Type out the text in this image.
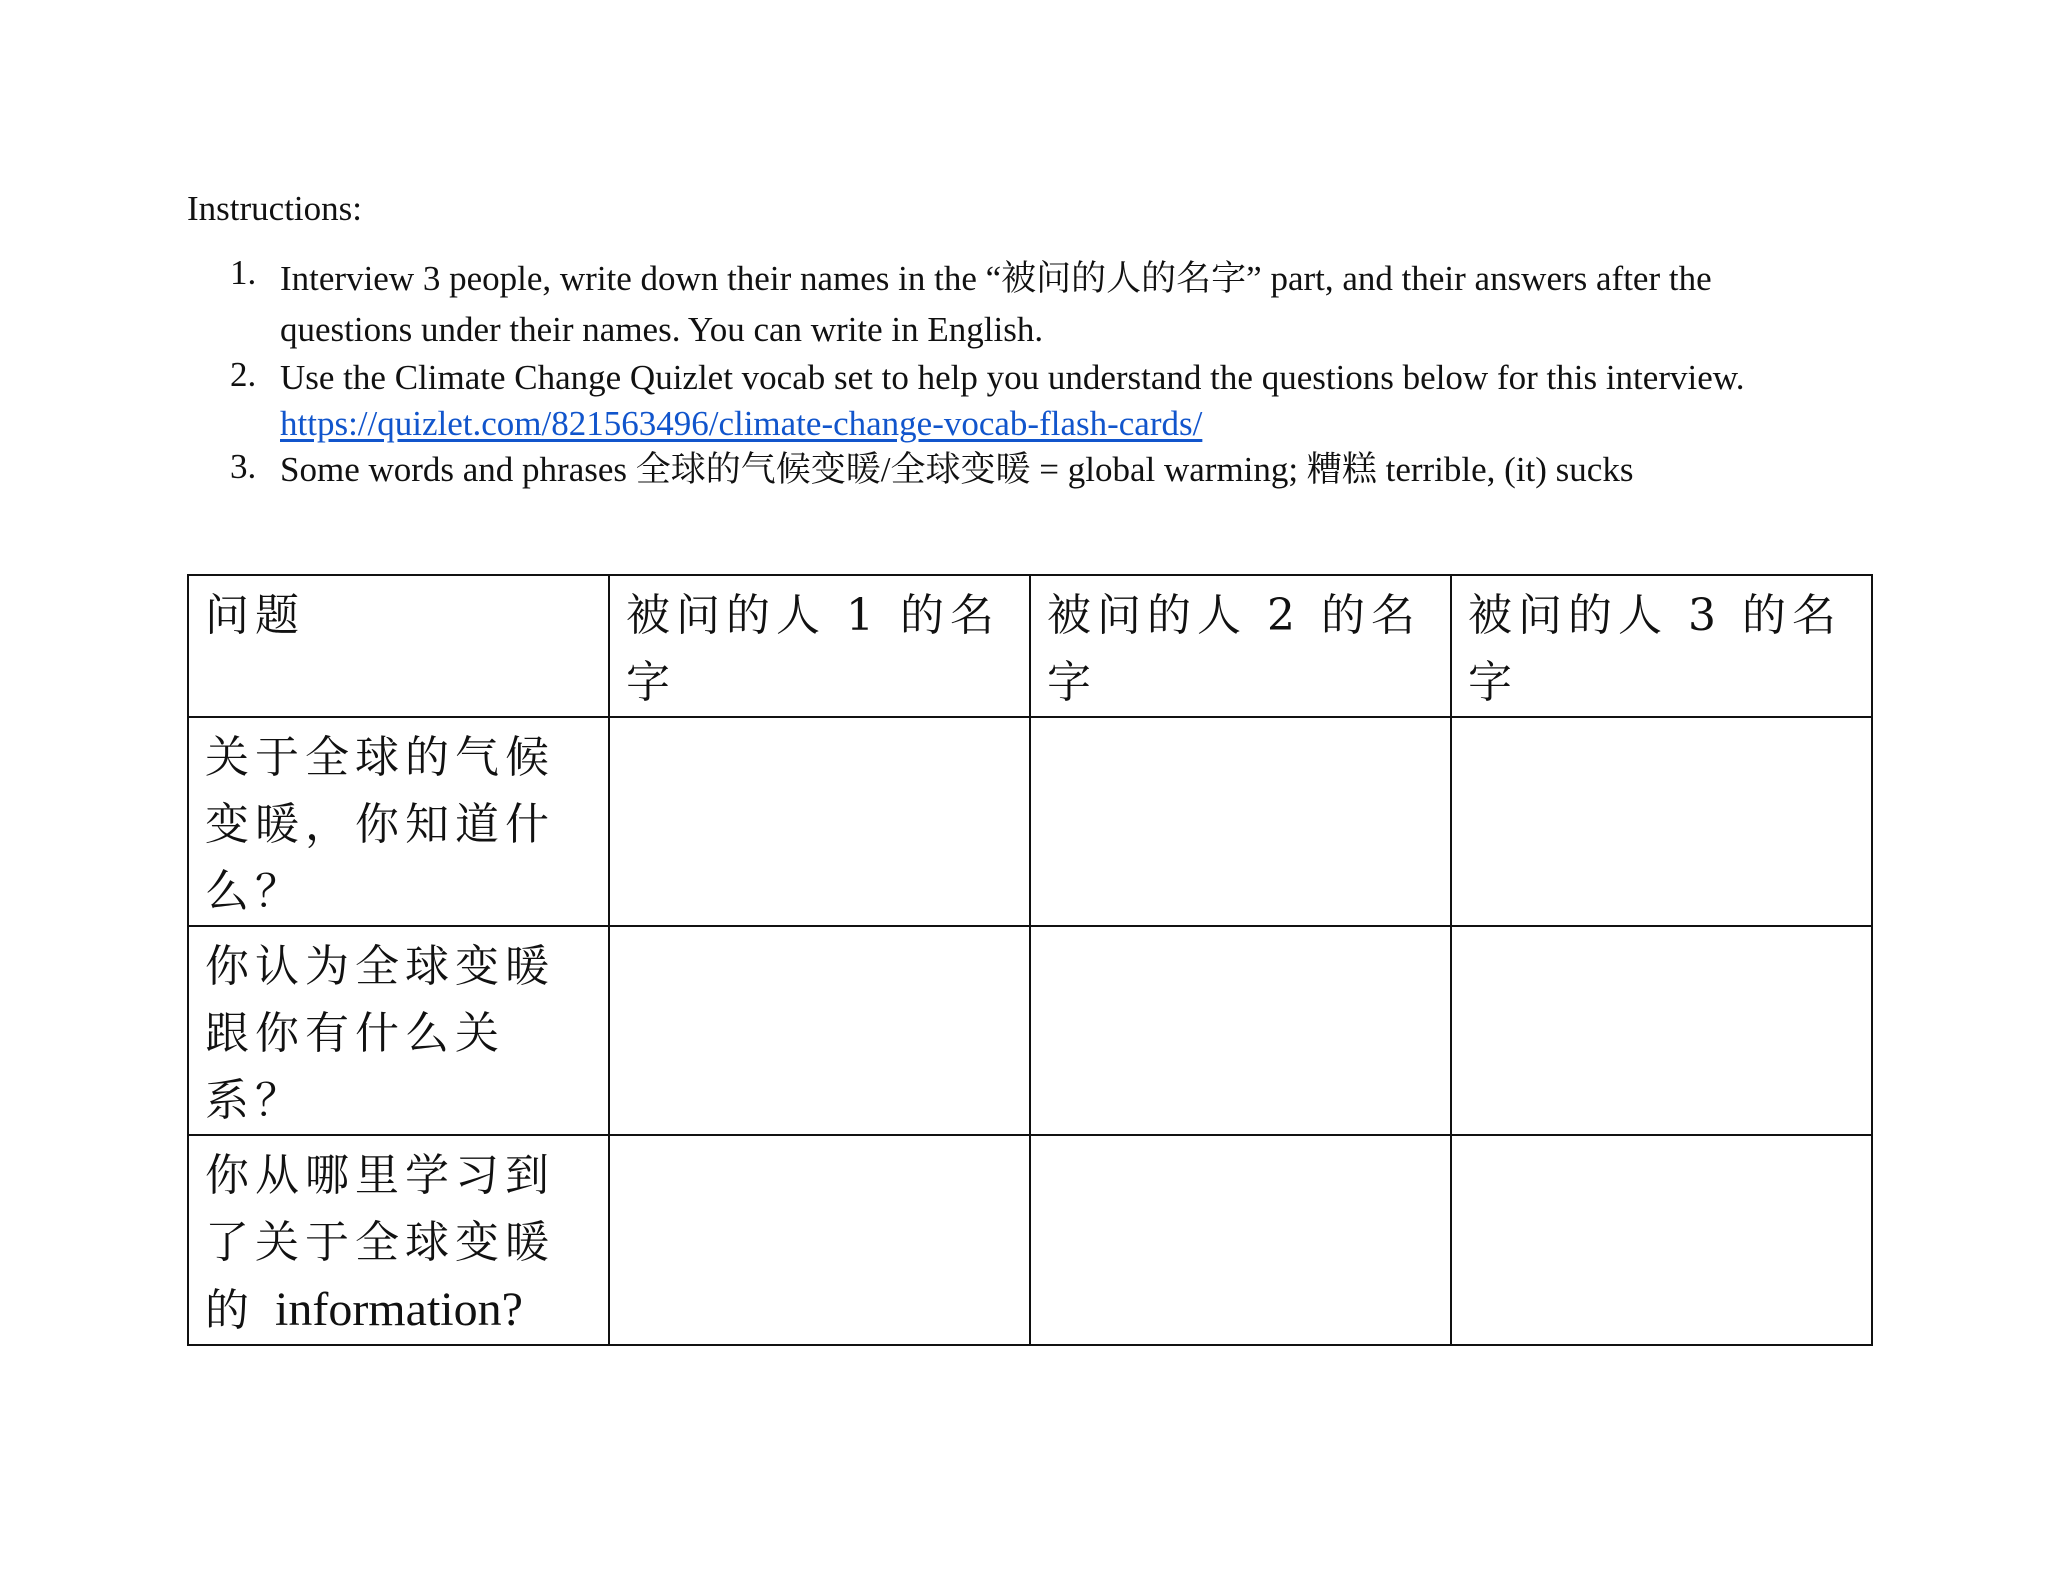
Instructions:
1. Interview 3 people, write down their names in the “被问的人的名字” part, and their answers after the
questions under their names. You can write in English.
2. Use the Climate Change Quizlet vocab set to help you understand the questions below for this interview.
https://quizlet.com/821563496/climate-change-vocab-flash-cards/
3. Some words and phrases 全球的气候变暖/全球变暖 = global warming; 糟糕 terrible, (it) sucks
问题	被问的人 1 的名字	被问的人 2 的名字	被问的人 3 的名字
关于全球的气候变暖，你知道什么？			
你认为全球变暖跟你有什么关系？			
你从哪里学习到了关于全球变暖的 information?			
